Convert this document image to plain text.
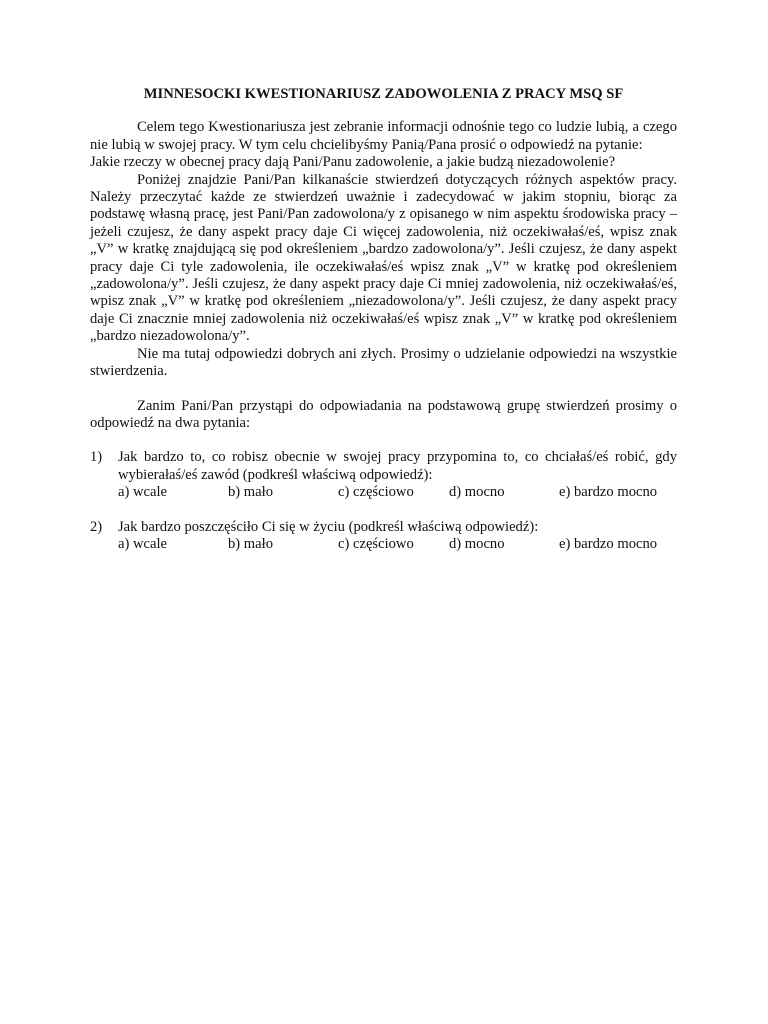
MINNESOCKI KWESTIONARIUSZ ZADOWOLENIA Z PRACY MSQ SF

Celem tego Kwestionariusza jest zebranie informacji odnośnie tego co ludzie lubią, a czego nie lubią w swojej pracy. W tym celu chcielibyśmy Panią/Pana prosić o odpowiedź na pytanie:

Jakie rzeczy w obecnej pracy dają Pani/Panu zadowolenie, a jakie budzą niezadowolenie?

Poniżej znajdzie Pani/Pan kilkanaście stwierdzeń dotyczących różnych aspektów pracy. Należy przeczytać każde ze stwierdzeń uważnie i zadecydować w jakim stopniu, biorąc za podstawę własną pracę, jest Pani/Pan zadowolona/y z opisanego w nim aspektu środowiska pracy – jeżeli czujesz, że dany aspekt pracy daje Ci więcej zadowolenia, niż oczekiwałaś/eś, wpisz znak „V” w kratkę znajdującą się pod określeniem „bardzo zadowolona/y”. Jeśli czujesz, że dany aspekt pracy daje Ci tyle zadowolenia, ile oczekiwałaś/eś wpisz znak „V” w kratkę pod określeniem „zadowolona/y”. Jeśli czujesz, że dany aspekt pracy daje Ci mniej zadowolenia, niż oczekiwałaś/eś, wpisz znak „V” w kratkę pod określeniem „niezadowolona/y”. Jeśli czujesz, że dany aspekt pracy daje Ci znacznie mniej zadowolenia niż oczekiwałaś/eś wpisz znak „V” w kratkę pod określeniem „bardzo niezadowolona/y”.

Nie ma tutaj odpowiedzi dobrych ani złych. Prosimy o udzielanie odpowiedzi na wszystkie stwierdzenia.

Zanim Pani/Pan przystąpi do odpowiadania na podstawową grupę stwierdzeń prosimy o odpowiedź na dwa pytania:

1) Jak bardzo to, co robisz obecnie w swojej pracy przypomina to, co chciałaś/eś robić, gdy wybierałaś/eś zawód (podkreśl właściwą odpowiedź):
a) wcale	b) mało	c) częściowo	d) mocno	e) bardzo mocno
2) Jak bardzo poszczęściło Ci się w życiu (podkreśl właściwą odpowiedź):
a) wcale	b) mało	c) częściowo	d) mocno	e) bardzo mocno
